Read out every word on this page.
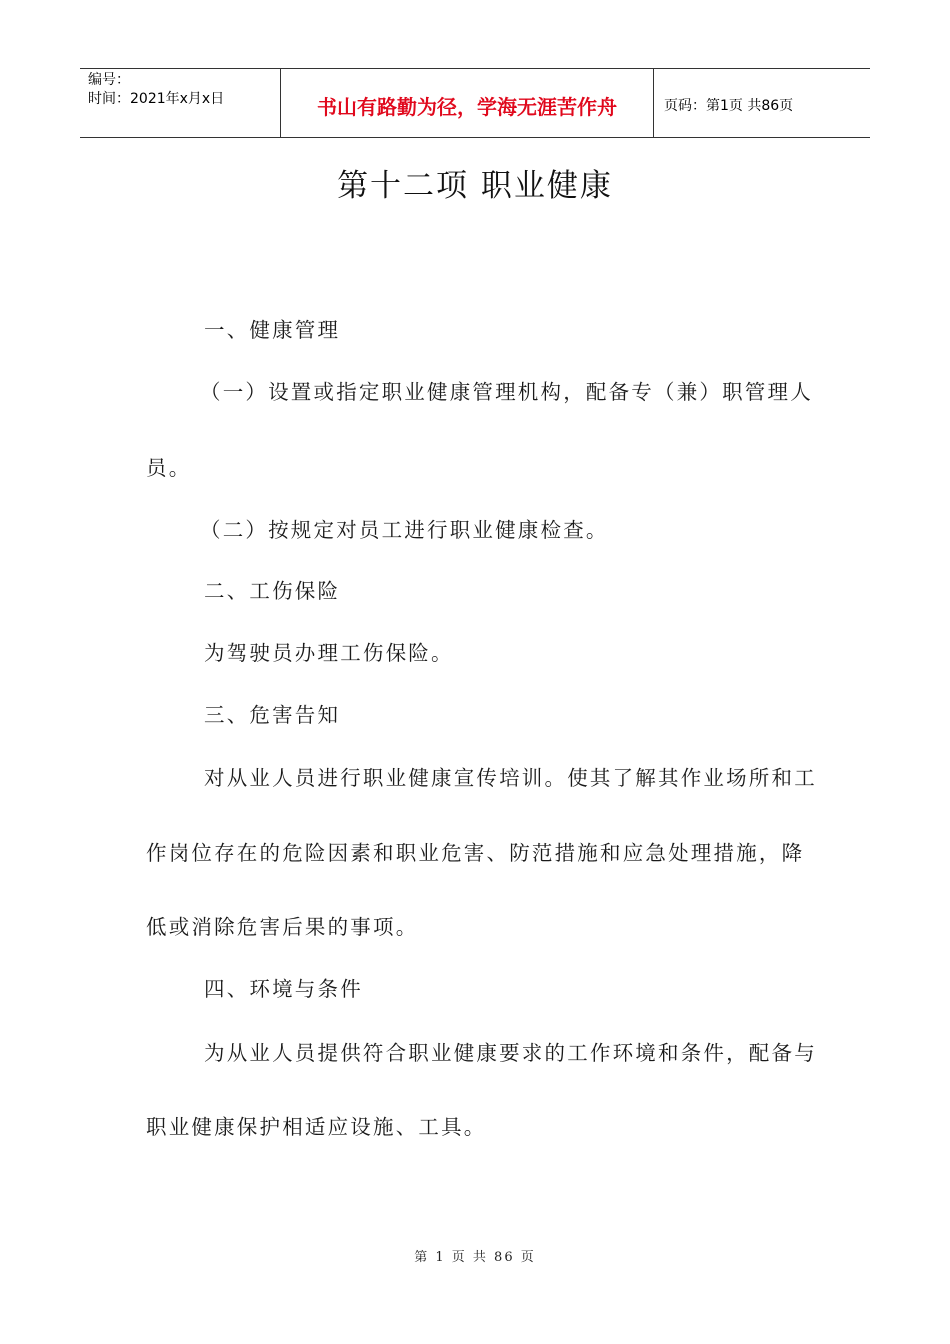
编号：
时间：2021年x月x日	书山有路勤为径，学海无涯苦作舟	页码：第1页 共86页
第十二项 职业健康
一、健康管理
（一）设置或指定职业健康管理机构，配备专（兼）职管理人
员。
（二）按规定对员工进行职业健康检查。
二、工伤保险
为驾驶员办理工伤保险。
三、危害告知
对从业人员进行职业健康宣传培训。使其了解其作业场所和工
作岗位存在的危险因素和职业危害、防范措施和应急处理措施，降
低或消除危害后果的事项。
四、环境与条件
为从业人员提供符合职业健康要求的工作环境和条件，配备与
职业健康保护相适应设施、工具。
第 1 页 共 86 页
